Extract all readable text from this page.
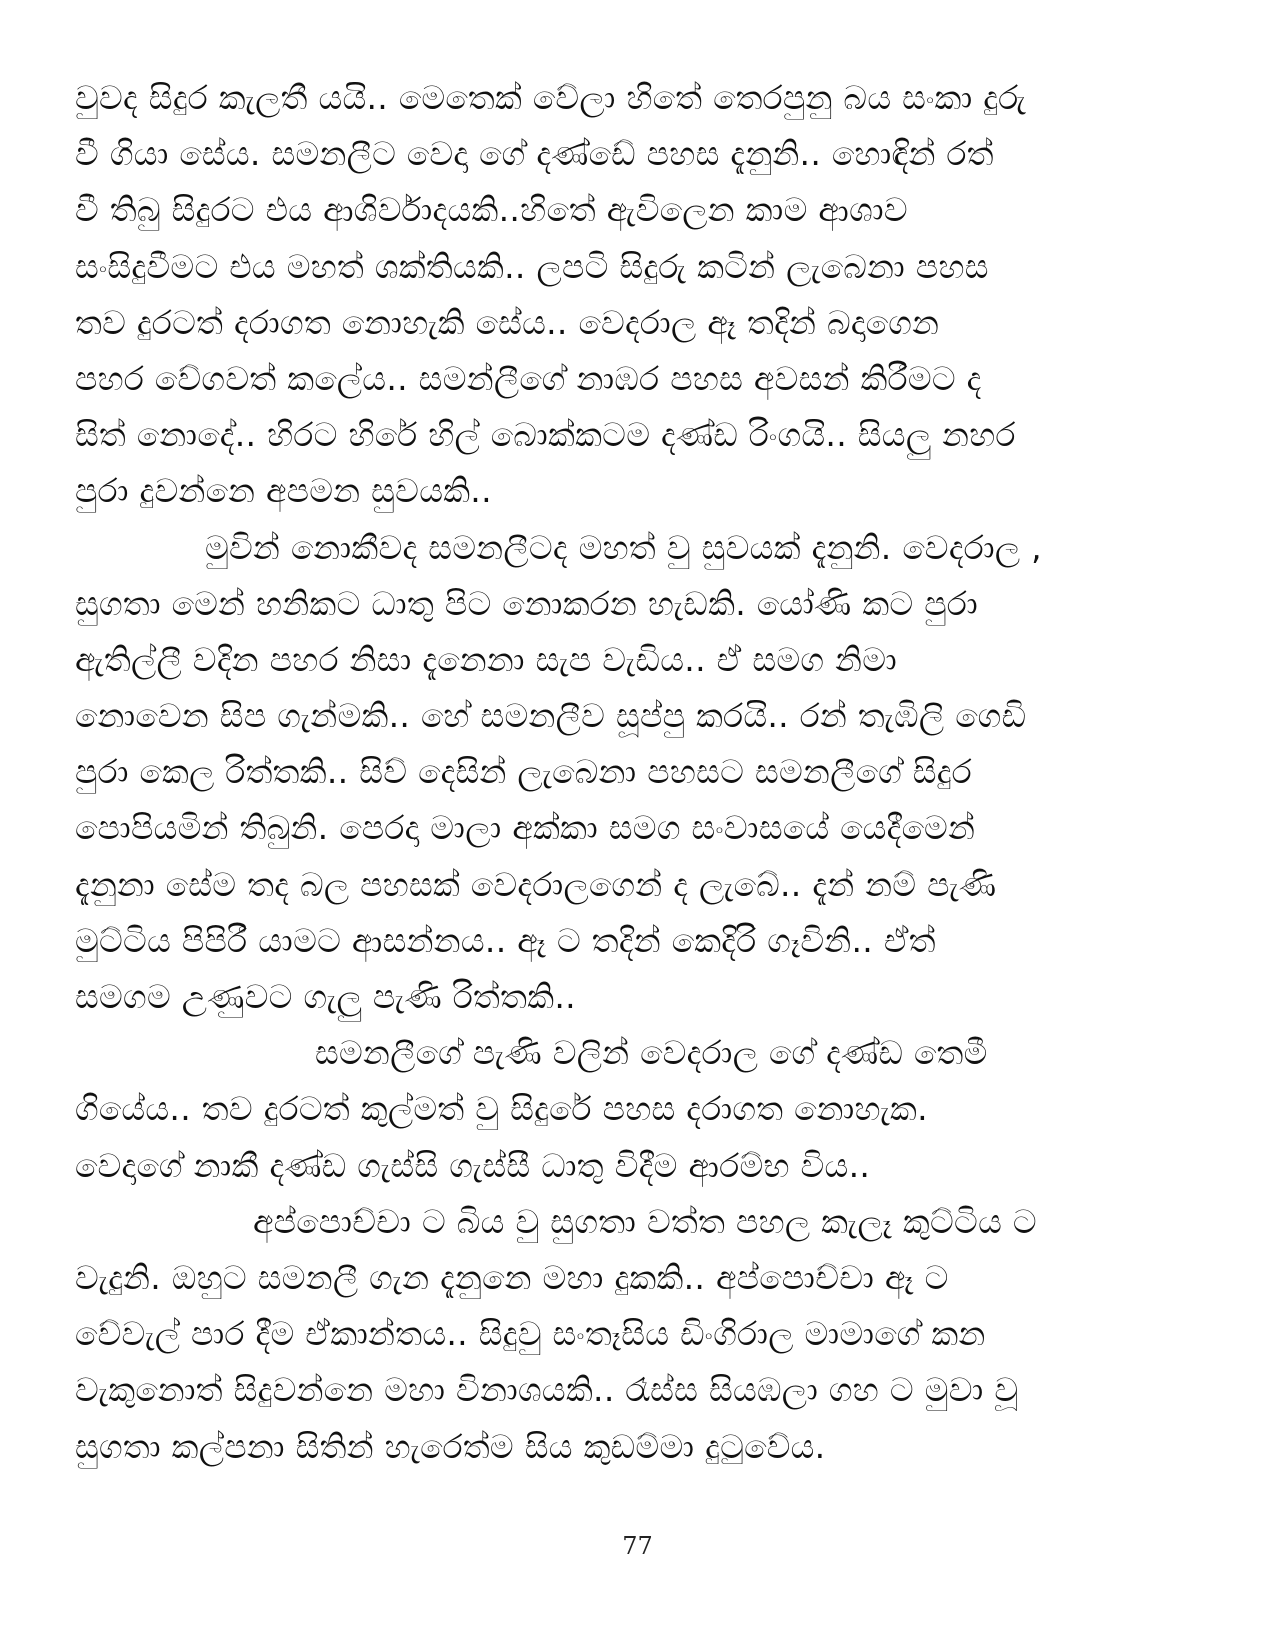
වුවද සිදුර කැලතී යයි.. මෙතෙක් වේලා හිතේ තෙරපුනු බය සංකා දුරු
වී ගියා සේය. සමනලීට වෙදා ගේ දණ්ඩේ පහස දැනුනි.. හොඳින් රත්
වී තිබු සිදුරට එය ආශිර්වාදයකි..හිතේ ඇවිලෙන කාම ආශාව
සංසිදුවීමට එය මහත් ශක්තියකි.. ලපටි සිදුරු කටින් ලැබෙනා පහස
තව දුරටත් දරාගත නොහැකි සේය.. වෙදරාල ඈ තදින් බදාගෙන
පහර වේගවත් කලේය.. සමන්ලීගේ නාඹර පහස අවසන් කිරීමට ද
සිත් නොදේ.. හිරට හිරේ හිල් බොක්කටම දණ්ඩ රිංගයි.. සියලු නහර
පුරා දුවන්නෙ අපමන සුවයකි..
මුවින් නොකීවද සමනලීටද මහත් වු සුවයක් දැනුනි. වෙදරාල ,
සුගතා මෙන් හනිකට ධාතු පිට නොකරන හැඩකි. යෝණි කට පුරා
ඇතිල්ලී වදින පහර නිසා දැනෙනා සැප වැඩිය.. ඒ සමග නිමා
නොවෙන සිප ගැන්මකි.. හේ සමනලීව සූප්පු කරයි.. රන් තැඹිලි ගෙඩි
පුරා කෙල රිත්තකි.. සිව් දෙසින් ලැබෙනා පහසට සමනලීගේ සිදුර
පොපියමින් තිබුනි. පෙරදා මාලා අක්කා සමග සංවාසයේ යෙදීමෙන්
දැනුනා සේම තද බල පහසක් වෙදරාලගෙන් ද ලැබේ.. දැන් නම් පැණි
මුට්ටිය පිපිරී යාමට ආසන්නය.. ඈ ට තදින් කෙදිරි ගෑවිනි.. ඒත්
සමගම උණුවට ගැලු පැණි රිත්තකි..
සමනලීගේ පැණි වලින් වෙදරාල ගේ දණ්ඩ තෙමී
ගියේය.. තව දුරටත් කුල්මත් වු සිදුරේ පහස දරාගත නොහැක.
වෙදාගේ නාකී දණ්ඩ ගැස්සි ගැස්සී ධාතු විදීම ආරම්භ විය..
අප්පොච්චා ට බිය වු සුගතා වත්ත පහල කැලෑ කුට්ටිය ට
වැදුනි. ඔහුට සමනලී ගැන දැනුනෙ මහා දුකකි.. අප්පොච්චා ඈ ට
වේවැල් පාර දීම ඒකාන්තය.. සිදුවු සංතෑසිය ඩිංගිරාල මාමාගේ කන
වැකුනොත් සිදුවන්නෙ මහා විනාශයකි.. රෑස්ස සියඹලා ගහ ට මුවා වූ
සුගතා කල්පනා සිතින් හැරෙත්ම සිය කුඩම්මා දුටුවේය.
77
